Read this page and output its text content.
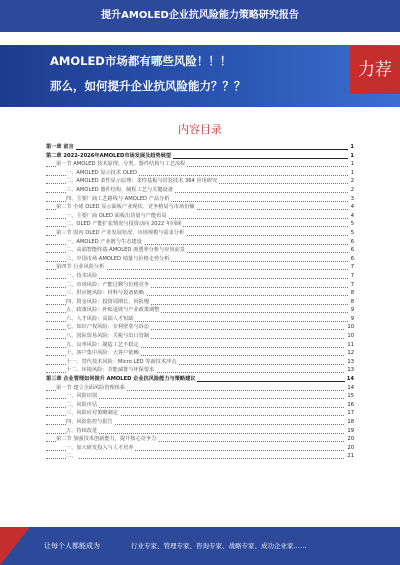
提升AMOLED企业抗风险能力策略研究报告
AMOLED市场都有哪些风险！！！
那么，如何提升企业抗风险能力？？？
力荐
内容目录
第一章 前言	1
第二章 2022-2026年AMOLED市场发展及趋势展望	1
第一节 AMOLED 技术原理、分类、器件结构与工艺流程	1
一、AMOLED 显示技术 OLED	1
二、AMOLED 柔性显示原理：柔性基板与封装技术 364 应用研究	2
三、AMOLED 器件结构、制程工艺与关键设备	2
四、主要厂商工艺路线与 AMOLED 产品分析	3
第二节 全球 OLED 显示面板产业现状、竞争格局与市场份额	4
一、主要厂商 OLED 面板出货量与产能布局	4
二、OLED 产能扩张情况与投资动向 2022 年回顾	5
第三节 国内 OLED 产业发展状况、市场规模与需求分析	5
一、AMOLED 产业链与生态建设	6
二、高端智能终端 AMOLED 渗透率分析与应用前景	6
三、中国市场 AMOLED 销量与价格走势分析	6
第四节 行业风险分析	7
一、技术风险	7
二、市场风险：产能过剩与价格竞争	7
三、供应链风险：材料与设备依赖	8
四、资金风险：投资周期长、回报慢	8
五、政策风险：补贴退坡与产业政策调整	9
六、人才风险：高端人才短缺	9
七、知识产权风险：专利壁垒与诉讼	10
八、国际贸易风险：关税与出口管制	10
九、良率风险：制造工艺不稳定	11
十、客户集中风险：大客户依赖	12
十一、替代技术风险：Micro LED 等新技术冲击	13
十二、环境风险：节能减排与环保要求	13
第三章 企业管理如何提升 AMOLED 企业抗风险能力与策略建议	14
第一节 建立全面风险管理体系	14
一、风险识别	15
二、风险评估	16
三、风险应对策略制定	17
四、风险监控与报告	18
五、持续改进	19
第二节 加强技术创新能力，提升核心竞争力	20
一、加大研发投入与人才培养	20
二、	21
让每个人都能成为	行业专家、管理专家、咨询专家、战略专家、成功企业家……
